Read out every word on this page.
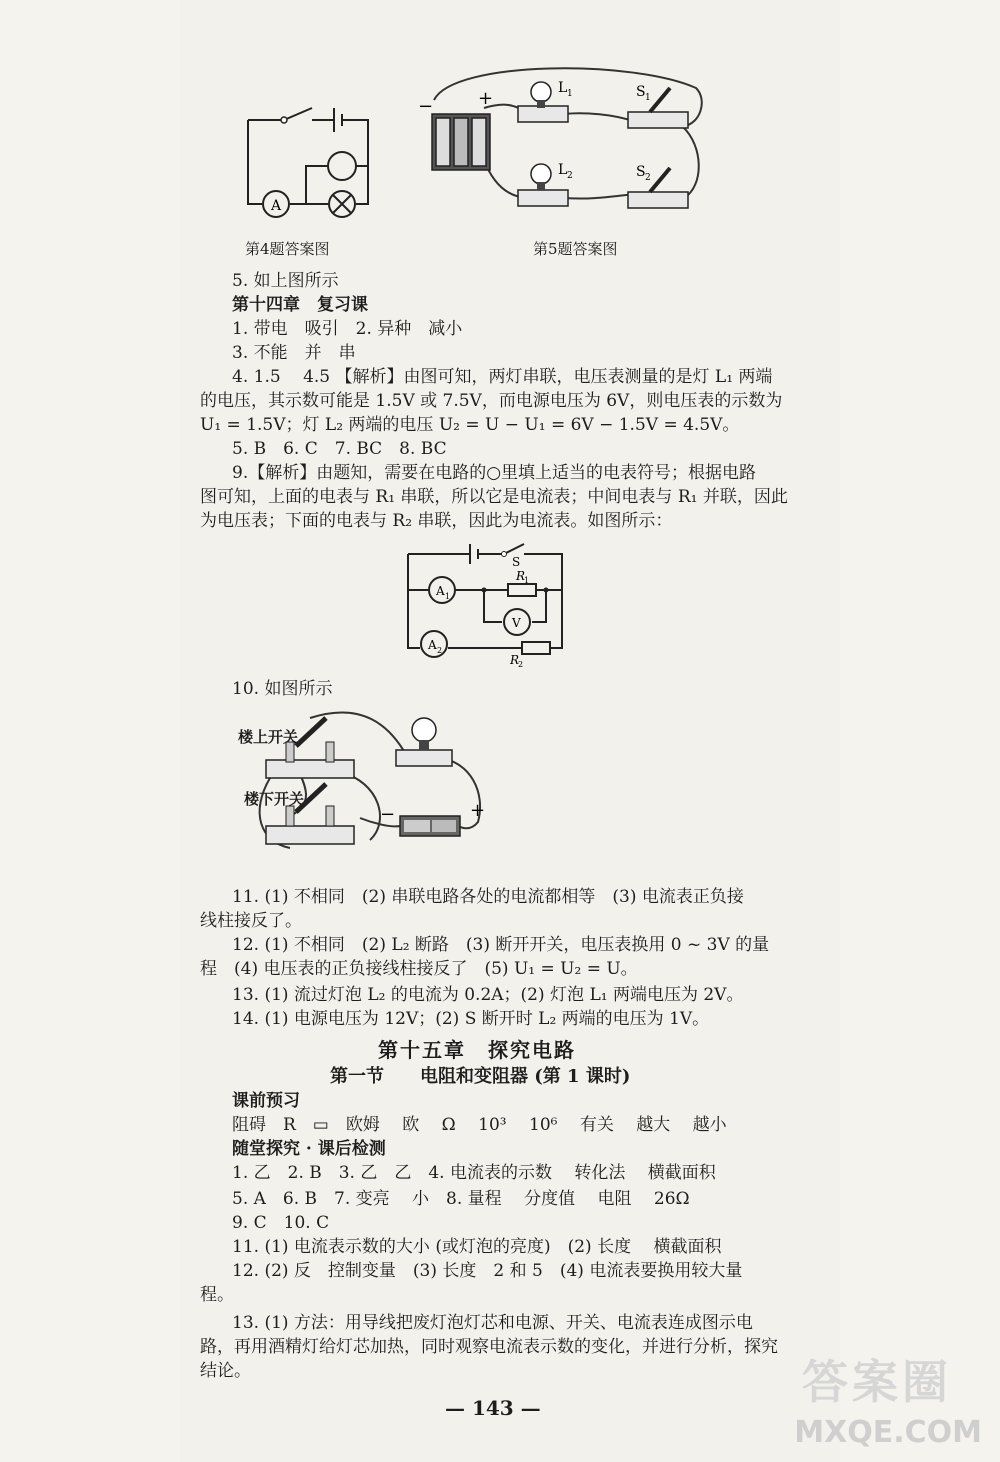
A
第4题答案图
− +	L 1	S 1
L 2	S 2
第5题答案图
5. 如上图所示
第十四章　复习课
1. 带电　吸引　2. 异种　减小
3. 不能　并　串
4. 1.5　 4.5 【解析】由图可知，两灯串联，电压表测量的是灯 L₁ 两端
的电压，其示数可能是 1.5V 或 7.5V，而电源电压为 6V，则电压表的示数为
U₁ = 1.5V；灯 L₂ 两端的电压 U₂ = U − U₁ = 6V − 1.5V = 4.5V。
5. B　6. C　7. BC　8. BC
9.【解析】由题知，需要在电路的○里填上适当的电表符号；根据电路
图可知，上面的电表与 R₁ 串联，所以它是电流表；中间电表与 R₁ 并联，因此
为电压表；下面的电表与 R₂ 串联，因此为电流表。如图所示：
S
A 1
R
1
V
A 2
R
2
10. 如图所示
−	+
楼上开关
楼下开关
11. (1) 不相同　(2) 串联电路各处的电流都相等　(3) 电流表正负接
线柱接反了。
12. (1) 不相同　(2) L₂ 断路　(3) 断开开关，电压表换用 0 ~ 3V 的量
程　(4) 电压表的正负接线柱接反了　(5) U₁ = U₂ = U。
13. (1) 流过灯泡 L₂ 的电流为 0.2A；(2) 灯泡 L₁ 两端电压为 2V。
14. (1) 电源电压为 12V；(2) S 断开时 L₂ 两端的电压为 1V。
第十五章　探究电路
第一节　　电阻和变阻器 (第 1 课时)
课前预习
阻碍　R　▭　欧姆　 欧　 Ω　 10³　 10⁶　 有关　 越大　 越小
随堂探究 · 课后检测
1. 乙　2. B　3. 乙　乙　4. 电流表的示数　 转化法　 横截面积
5. A　6. B　7. 变亮　 小　8. 量程　 分度值　 电阻　 26Ω
9. C　10. C
11. (1) 电流表示数的大小 (或灯泡的亮度)　(2) 长度　 横截面积
12. (2) 反　控制变量　(3) 长度　2 和 5　(4) 电流表要换用较大量
程。
13. (1) 方法：用导线把废灯泡灯芯和电源、开关、电流表连成图示电
路，再用酒精灯给灯芯加热，同时观察电流表示数的变化，并进行分析，探究
结论。
— 143 —	答案圈
MXQE.COM
